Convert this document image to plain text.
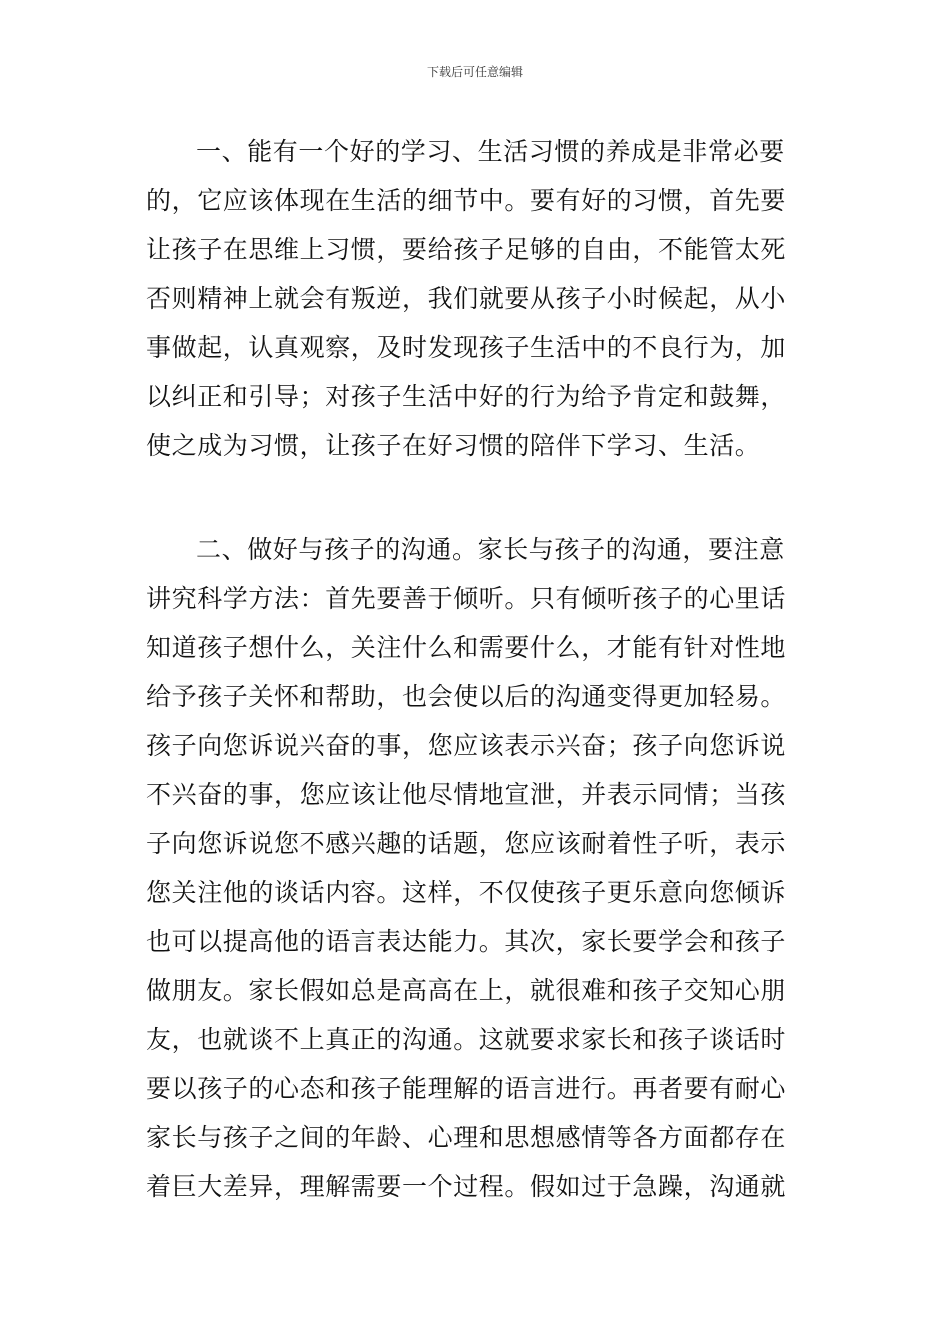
下载后可任意编辑
一、能有一个好的学习、生活习惯的养成是非常必要
的，它应该体现在生活的细节中。要有好的习惯，首先要
让孩子在思维上习惯，要给孩子足够的自由，不能管太死
否则精神上就会有叛逆，我们就要从孩子小时候起，从小
事做起，认真观察，及时发现孩子生活中的不良行为，加
以纠正和引导；对孩子生活中好的行为给予肯定和鼓舞，
使之成为习惯，让孩子在好习惯的陪伴下学习、生活。
二、做好与孩子的沟通。家长与孩子的沟通，要注意
讲究科学方法：首先要善于倾听。只有倾听孩子的心里话
知道孩子想什么，关注什么和需要什么，才能有针对性地
给予孩子关怀和帮助，也会使以后的沟通变得更加轻易。
孩子向您诉说兴奋的事，您应该表示兴奋；孩子向您诉说
不兴奋的事，您应该让他尽情地宣泄，并表示同情；当孩
子向您诉说您不感兴趣的话题，您应该耐着性子听，表示
您关注他的谈话内容。这样，不仅使孩子更乐意向您倾诉
也可以提高他的语言表达能力。其次，家长要学会和孩子
做朋友。家长假如总是高高在上，就很难和孩子交知心朋
友，也就谈不上真正的沟通。这就要求家长和孩子谈话时
要以孩子的心态和孩子能理解的语言进行。再者要有耐心
家长与孩子之间的年龄、心理和思想感情等各方面都存在
着巨大差异，理解需要一个过程。假如过于急躁，沟通就
